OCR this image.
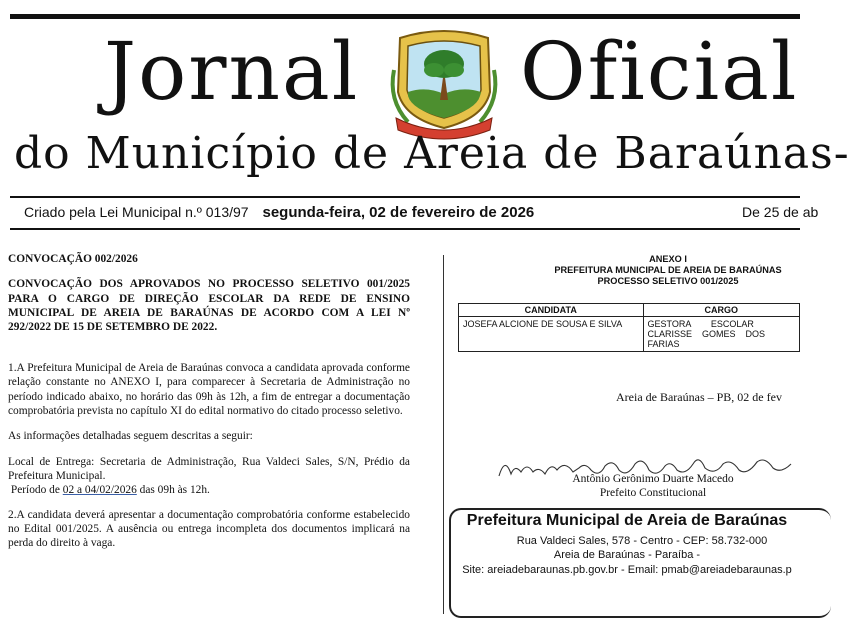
Jornal Oficial
do Município de Areia de Baraúnas-
Criado pela Lei Municipal n.º 013/97 segunda-feira, 02 de fevereiro de 2026	De 25 de ab

CONVOCAÇÃO 002/2026

CONVOCAÇÃO DOS APROVADOS NO PROCESSO SELETIVO 001/2025 PARA O CARGO DE DIREÇÃO ESCOLAR DA REDE DE ENSINO MUNICIPAL DE AREIA DE BARAÚNAS DE ACORDO COM A LEI Nº 292/2022 DE 15 DE SETEMBRO DE 2022.

1.A Prefeitura Municipal de Areia de Baraúnas convoca a candidata aprovada conforme relação constante no ANEXO I, para comparecer à Secretaria de Administração no período indicado abaixo, no horário das 09h às 12h, a fim de entregar a documentação comprobatória prevista no capítulo XI do edital normativo do citado processo seletivo.

As informações detalhadas seguem descritas a seguir:

Local de Entrega: Secretaria de Administração, Rua Valdeci Sales, S/N, Prédio da Prefeitura Municipal.
Período de 02 a 04/02/2026 das 09h às 12h.

2.A candidata deverá apresentar a documentação comprobatória conforme estabelecido no Edital 001/2025. A ausência ou entrega incompleta dos documentos implicará na perda do direito à vaga.

ANEXO I
PREFEITURA MUNICIPAL DE AREIA DE BARAÚNAS
PROCESSO SELETIVO 001/2025
CANDIDATA	CARGO
JOSEFA ALCIONE DE SOUSA E SILVA	GESTORA        ESCOLAR
CLARISSE    GOMES    DOS
FARIAS
Areia de Baraúnas – PB, 02 de fev
Antônio Gerônimo Duarte Macedo
Prefeito Constitucional
Prefeitura Municipal de Areia de Baraúnas
Rua Valdeci Sales, 578 - Centro - CEP: 58.732-000
Areia de Baraúnas - Paraíba -
Site: areiadebaraunas.pb.gov.br - Email: pmab@areiadebaraunas.p
